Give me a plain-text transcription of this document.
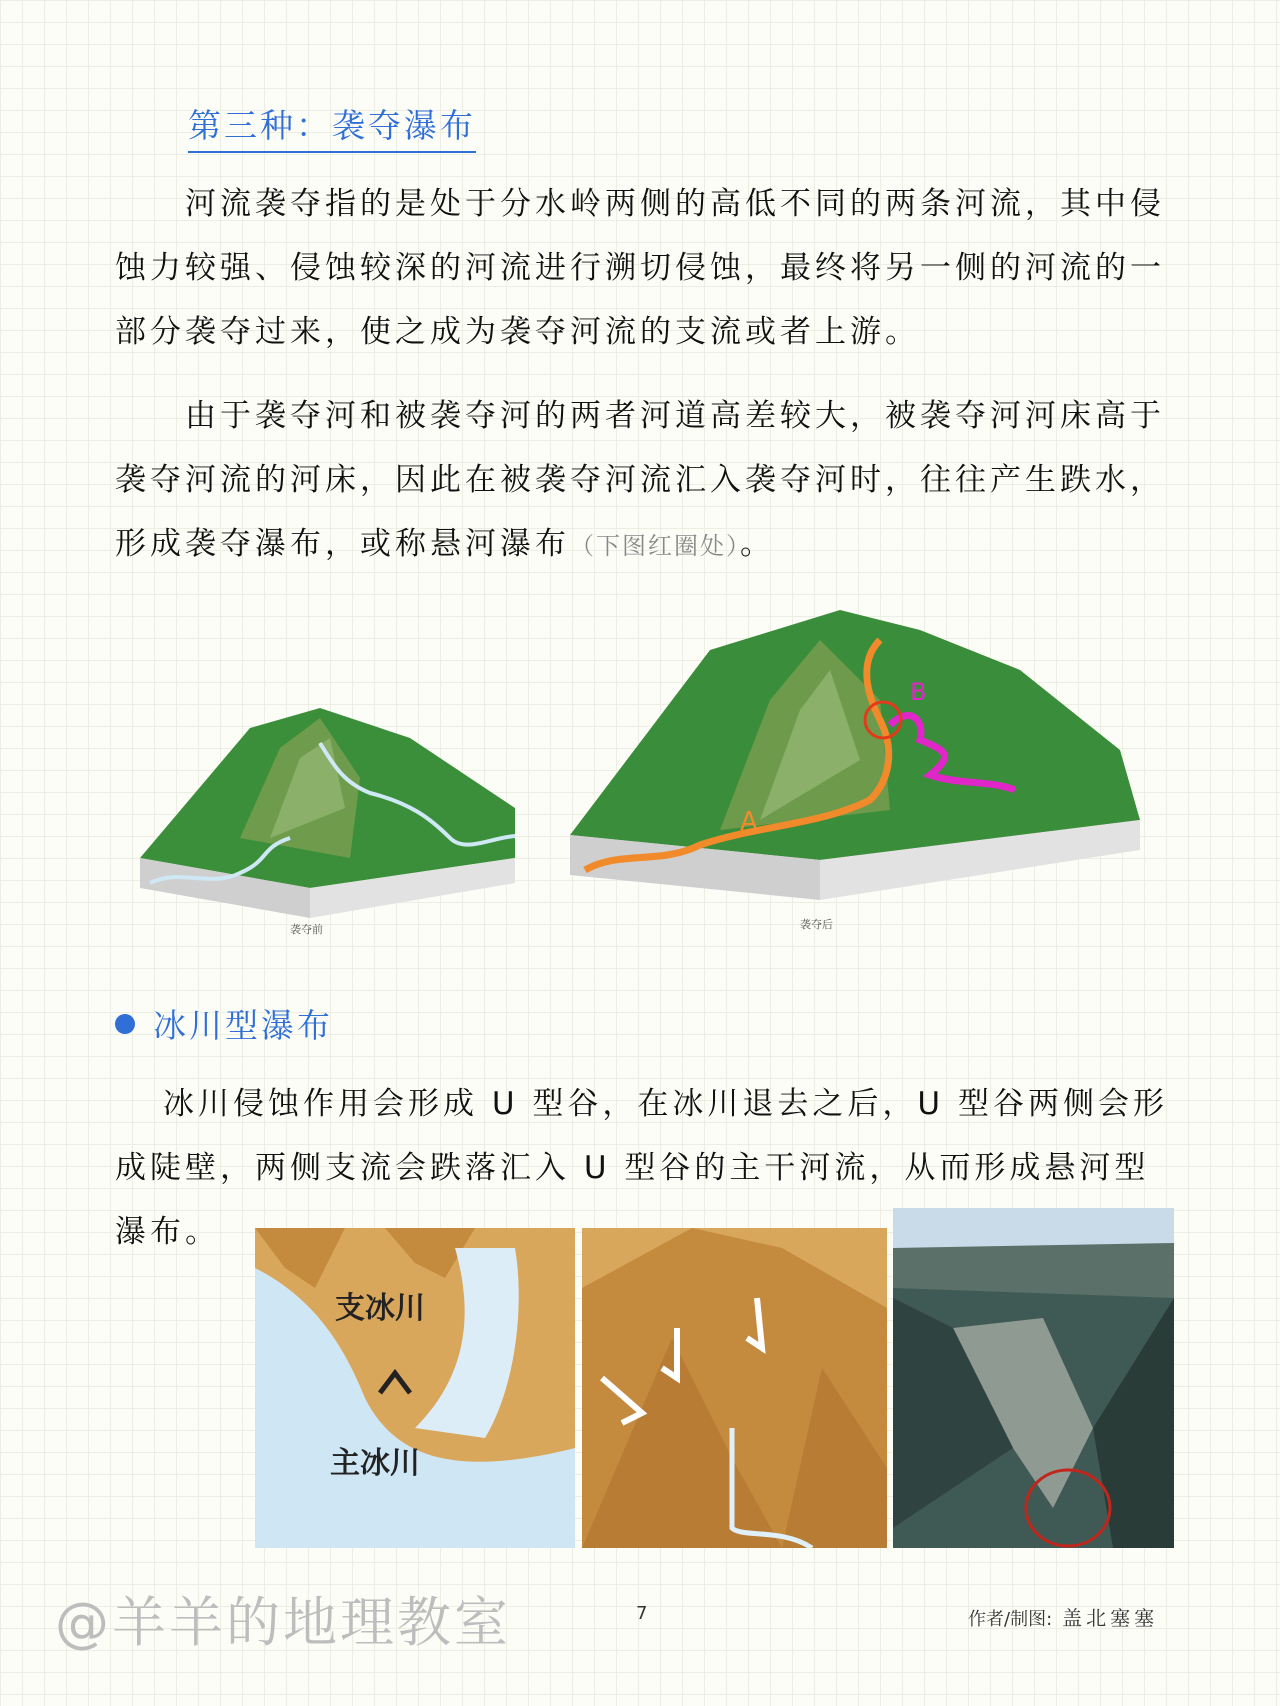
第三种：袭夺瀑布

河流袭夺指的是处于分水岭两侧的高低不同的两条河流，其中侵蚀力较强、侵蚀较深的河流进行溯切侵蚀，最终将另一侧的河流的一部分袭夺过来，使之成为袭夺河流的支流或者上游。

由于袭夺河和被袭夺河的两者河道高差较大，被袭夺河河床高于袭夺河流的河床，因此在被袭夺河流汇入袭夺河时，往往产生跌水，形成袭夺瀑布，或称悬河瀑布（下图红圈处）。

袭夺前
A
B
袭夺后
冰川型瀑布

冰川侵蚀作用会形成 U 型谷，在冰川退去之后，U 型谷两侧会形成陡壁，两侧支流会跌落汇入 U 型谷的主干河流，从而形成悬河型瀑布。

支冰川
主冰川
@羊羊的地理教室	7	作者/制图: 盖北塞塞
